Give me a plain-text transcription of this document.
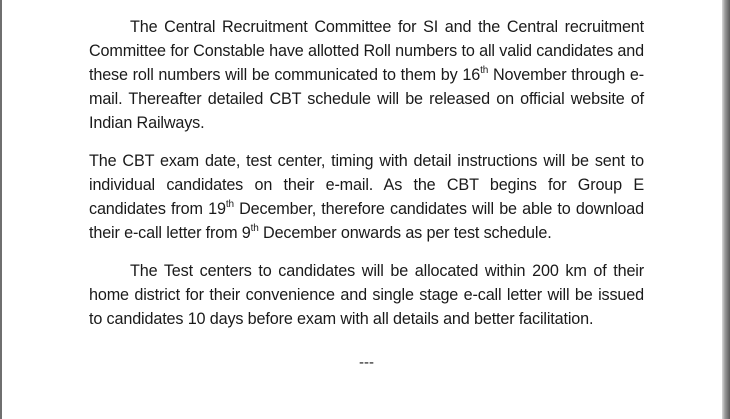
The Central Recruitment Committee for SI and the Central recruitment Committee for Constable have allotted Roll numbers to all valid candidates and these roll numbers will be communicated to them by 16th November through e-mail. Thereafter detailed CBT schedule will be released on official website of Indian Railways.

The CBT exam date, test center, timing with detail instructions will be sent to individual candidates on their e-mail. As the CBT begins for Group E candidates from 19th December, therefore candidates will be able to download their e-call letter from 9th December onwards as per test schedule.

The Test centers to candidates will be allocated within 200 km of their home district for their convenience and single stage e-call letter will be issued to candidates 10 days before exam with all details and better facilitation.

---
